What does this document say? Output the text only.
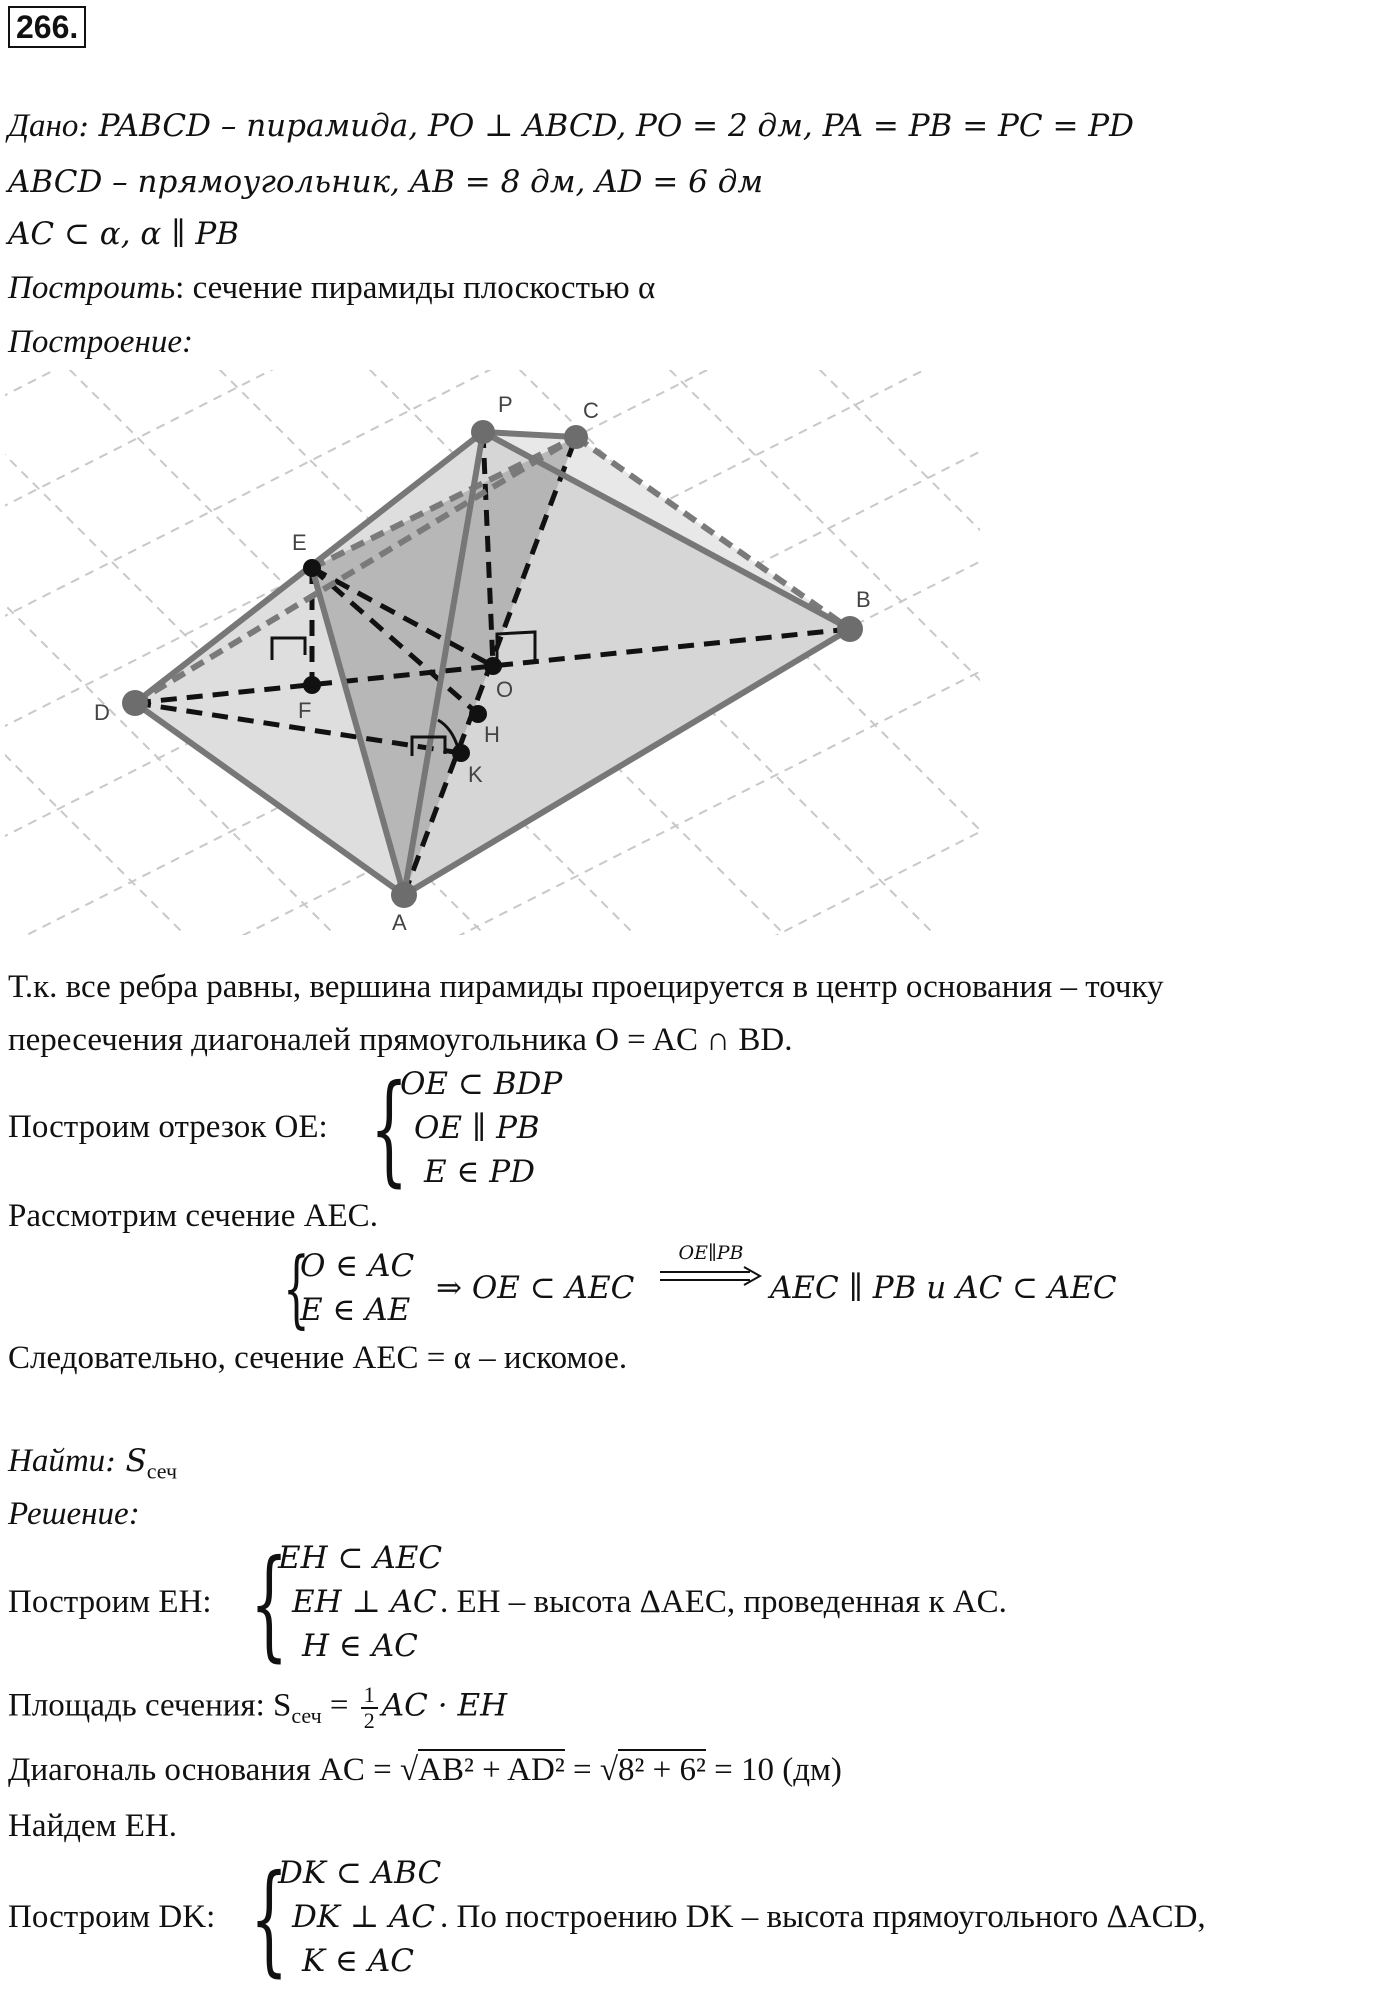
266.
Дано: PABCD – пирамида, PO ⊥ ABCD, PO = 2 дм, PA = PB = PC = PD
ABCD – прямоугольник, AB = 8 дм, AD = 6 дм
AC ⊂ α, α ∥ PB
Построить: сечение пирамиды плоскостью α
Построение:
P	C
E
B
D	F
O
H
K
A
Т.к. все ребра равны, вершина пирамиды проецируется в центр основания – точку
пересечения диагоналей прямоугольника O = AC ∩ BD.
Построим отрезок OE: {
OE ⊂ BDP
OE ∥ PB
E ∈ PD
Рассмотрим сечение AEC.
{
O ∈ AC
E ∈ AE
⇒ OE ⊂ AEC
OE∥PB
AEC ∥ PB и AC ⊂ AEC
Следовательно, сечение AEC = α – искомое.
Найти: $S_{сеч}$
Решение:
Построим EH: {
EH ⊂ AEC
EH ⊥ AC
H ∈ AC
. EH – высота ΔAEC, проведенная к AC.
Площадь сечения: $S_{сеч} = \frac{1}{2}$ AC · EH
Диагональ основания AC = √AB² + AD² = √8² + 6² = 10 (дм)
Найдем EH.
Построим DK: {
DK ⊂ ABC
DK ⊥ AC
K ∈ AC
. По построению DK – высота прямоугольного ΔACD,
